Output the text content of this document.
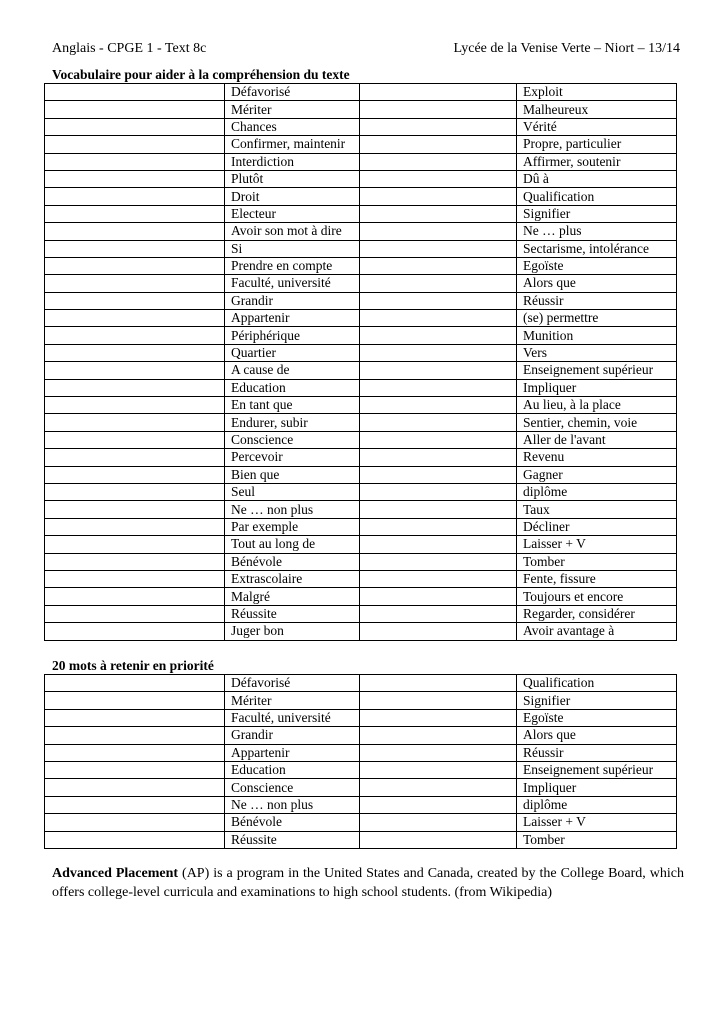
Anglais - CPGE 1 - Text 8c	Lycée de la Venise Verte – Niort – 13/14
Vocabulaire pour aider à la compréhension du texte
	Défavorisé		Exploit
	Mériter		Malheureux
	Chances		Vérité
	Confirmer, maintenir		Propre, particulier
	Interdiction		Affirmer, soutenir
	Plutôt		Dû à
	Droit		Qualification
	Electeur		Signifier
	Avoir son mot à dire		Ne … plus
	Si		Sectarisme, intolérance
	Prendre en compte		Egoïste
	Faculté, université		Alors que
	Grandir		Réussir
	Appartenir		(se) permettre
	Périphérique		Munition
	Quartier		Vers
	A cause de		Enseignement supérieur
	Education		Impliquer
	En tant que		Au lieu, à la place
	Endurer, subir		Sentier, chemin, voie
	Conscience		Aller de l'avant
	Percevoir		Revenu
	Bien que		Gagner
	Seul		diplôme
	Ne … non plus		Taux
	Par exemple		Décliner
	Tout au long de		Laisser + V
	Bénévole		Tomber
	Extrascolaire		Fente, fissure
	Malgré		Toujours et encore
	Réussite		Regarder, considérer
	Juger bon		Avoir avantage à
20 mots à retenir en priorité
	Défavorisé		Qualification
	Mériter		Signifier
	Faculté, université		Egoïste
	Grandir		Alors que
	Appartenir		Réussir
	Education		Enseignement supérieur
	Conscience		Impliquer
	Ne … non plus		diplôme
	Bénévole		Laisser + V
	Réussite		Tomber
Advanced Placement (AP) is a program in the United States and Canada, created by the College Board, which offers college-level curricula and examinations to high school students. (from Wikipedia)
